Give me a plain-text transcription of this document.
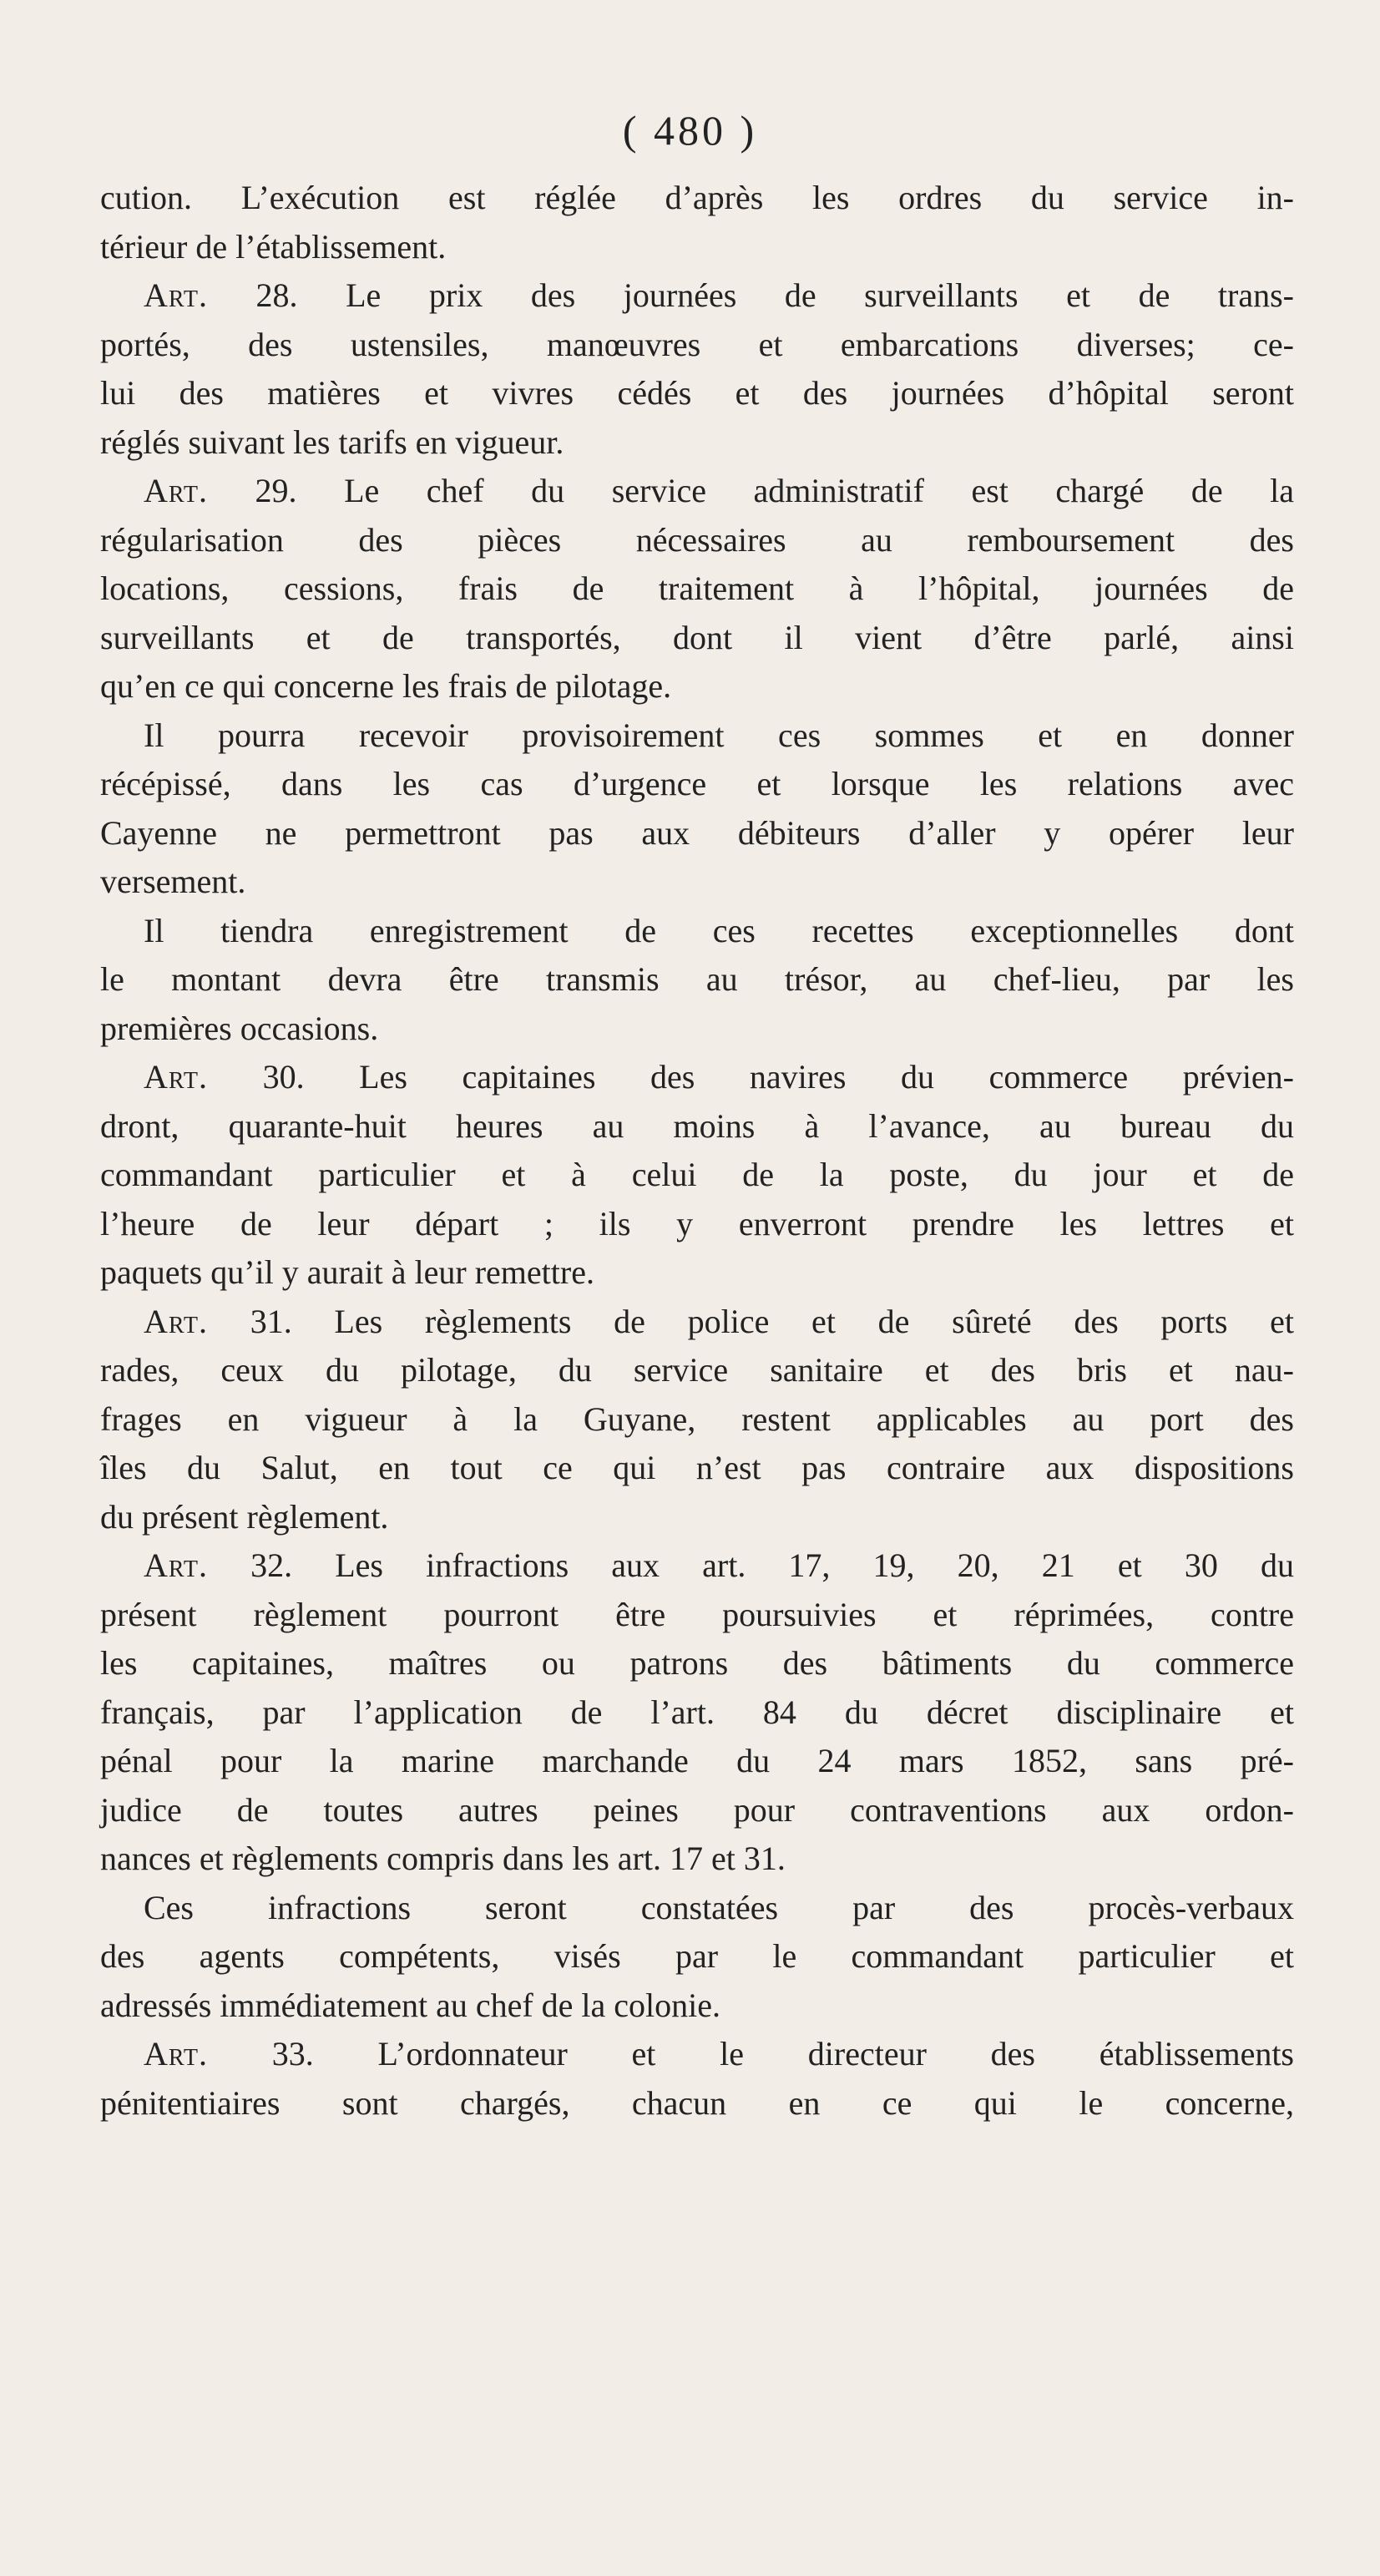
( 480 )

cution. L’exécution est réglée d’après les ordres du service in-

térieur de l’établissement.

Art. 28. Le prix des journées de surveillants et de trans-

portés, des ustensiles, manœuvres et embarcations diverses; ce-

lui des matières et vivres cédés et des journées d’hôpital seront

réglés suivant les tarifs en vigueur.

Art. 29. Le chef du service administratif est chargé de la

régularisation des pièces nécessaires au remboursement des

locations, cessions, frais de traitement à l’hôpital, journées de

surveillants et de transportés, dont il vient d’être parlé, ainsi

qu’en ce qui concerne les frais de pilotage.

Il pourra recevoir provisoirement ces sommes et en donner

récépissé, dans les cas d’urgence et lorsque les relations avec

Cayenne ne permettront pas aux débiteurs d’aller y opérer leur

versement.

Il tiendra enregistrement de ces recettes exceptionnelles dont

le montant devra être transmis au trésor, au chef-lieu, par les

premières occasions.

Art. 30. Les capitaines des navires du commerce prévien-

dront, quarante-huit heures au moins à l’avance, au bureau du

commandant particulier et à celui de la poste, du jour et de

l’heure de leur départ ; ils y enverront prendre les lettres et

paquets qu’il y aurait à leur remettre.

Art. 31. Les règlements de police et de sûreté des ports et

rades, ceux du pilotage, du service sanitaire et des bris et nau-

frages en vigueur à la Guyane, restent applicables au port des

îles du Salut, en tout ce qui n’est pas contraire aux dispositions

du présent règlement.

Art. 32. Les infractions aux art. 17, 19, 20, 21 et 30 du

présent règlement pourront être poursuivies et réprimées, contre

les capitaines, maîtres ou patrons des bâtiments du commerce

français, par l’application de l’art. 84 du décret disciplinaire et

pénal pour la marine marchande du 24 mars 1852, sans pré-

judice de toutes autres peines pour contraventions aux ordon-

nances et règlements compris dans les art. 17 et 31.

Ces infractions seront constatées par des procès-verbaux

des agents compétents, visés par le commandant particulier et

adressés immédiatement au chef de la colonie.

Art. 33. L’ordonnateur et le directeur des établissements

pénitentiaires sont chargés, chacun en ce qui le concerne,
